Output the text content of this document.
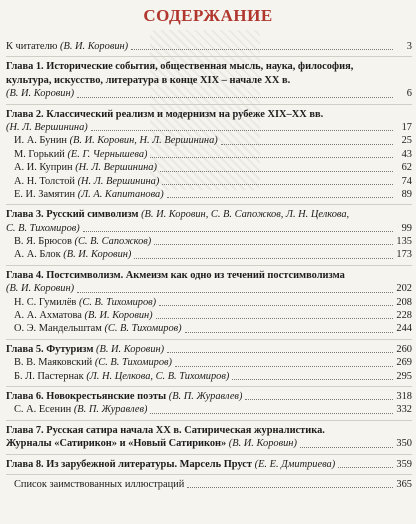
СОДЕРЖАНИЕ
К читателю (В. И. Коровин)	3
Глава 1. Исторические события, общественная мысль, наука, философия,
культура, искусство, литература в конце XIX – начале XX в.
(В. И. Коровин)	6
Глава 2. Классический реализм и модернизм на рубеже XIX–XX вв.
(Н. Л. Вершинина)	17
И. А. Бунин (В. И. Коровин, Н. Л. Вершинина)	25
М. Горький (Е. Г. Чернышева)	43
А. И. Куприн (Н. Л. Вершинина)	62
А. Н. Толстой (Н. Л. Вершинина)	74
Е. И. Замятин (Л. А. Капитанова)	89
Глава 3. Русский символизм (В. И. Коровин, С. В. Сапожков, Л. Н. Целкова,
С. В. Тихомиров)	99
В. Я. Брюсов (С. В. Сапожков)	135
А. А. Блок (В. И. Коровин)	173
Глава 4. Постсимволизм. Акмеизм как одно из течений постсимволизма
(В. И. Коровин)	202
Н. С. Гумилёв (С. В. Тихомиров)	208
А. А. Ахматова (В. И. Коровин)	228
О. Э. Мандельштам (С. В. Тихомиров)	244
Глава 5. Футуризм (В. И. Коровин)	260
В. В. Маяковский (С. В. Тихомиров)	269
Б. Л. Пастернак (Л. Н. Целкова, С. В. Тихомиров)	295
Глава 6. Новокрестьянские поэты (В. П. Журавлев)	318
С. А. Есенин (В. П. Журавлев)	332
Глава 7. Русская сатира начала XX в. Сатирическая журналистика.
Журналы «Сатирикон» и «Новый Сатирикон» (В. И. Коровин)	350
Глава 8. Из зарубежной литературы. Марсель Пруст (Е. Е. Дмитриева)	359
Список заимствованных иллюстраций	365
